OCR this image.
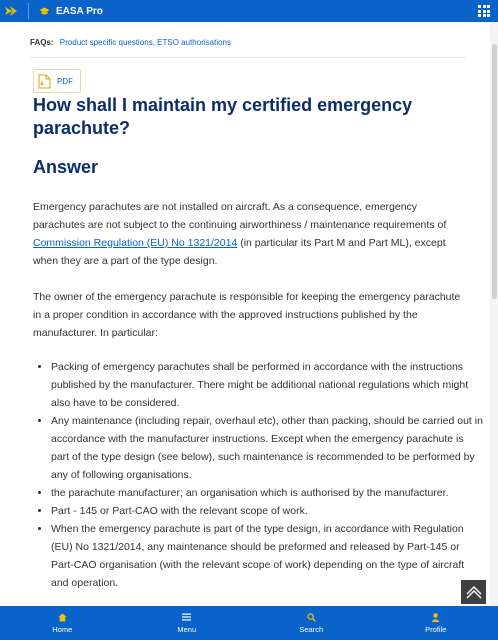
EASA Pro
FAQs: Product specific questions, ETSO authorisations
PDF
How shall I maintain my certified emergency parachute?
Answer

Emergency parachutes are not installed on aircraft. As a consequence, emergency parachutes are not subject to the continuing airworthiness / maintenance requirements of Commission Regulation (EU) No 1321/2014 (in particular its Part M and Part ML), except when they are a part of the type design.

The owner of the emergency parachute is responsible for keeping the emergency parachute in a proper condition in accordance with the approved instructions published by the manufacturer. In particular:

• Packing of emergency parachutes shall be performed in accordance with the instructions published by the manufacturer. There might be additional national regulations which might also have to be considered.
• Any maintenance (including repair, overhaul etc), other than packing, should be carried out in accordance with the manufacturer instructions. Except when the emergency parachute is part of the type design (see below), such maintenance is recommended to be performed by any of following organisations.
• the parachute manufacturer; an organisation which is authorised by the manufacturer.
• Part - 145 or Part-CAO with the relevant scope of work.
• When the emergency parachute is part of the type design, in accordance with Regulation (EU) No 1321/2014, any maintenance should be preformed and released by Part-145 or Part-CAO organisation (with the relevant scope of work) depending on the type of aircraft and operation.
Home	Menu	Search	Profile
